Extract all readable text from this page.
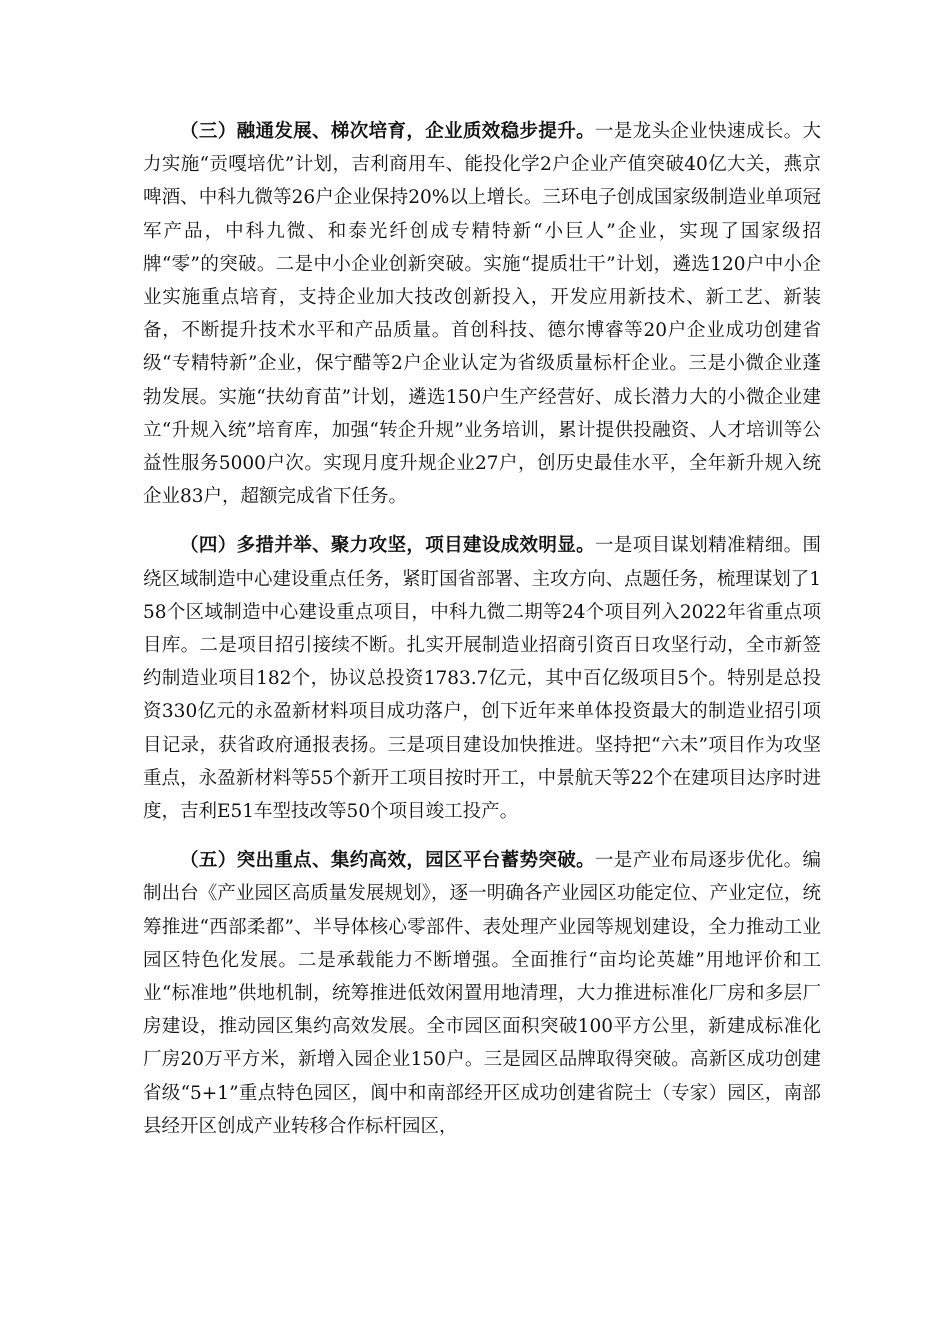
（三）融通发展、梯次培育，企业质效稳步提升。一是龙头企业快速成长。大力实施“贡嘎培优”计划，吉利商用车、能投化学2户企业产值突破40亿大关，燕京啤酒、中科九微等26户企业保持20%以上增长。三环电子创成国家级制造业单项冠军产品，中科九微、和泰光纤创成专精特新“小巨人”企业，实现了国家级招牌“零”的突破。二是中小企业创新突破。实施“提质壮干”计划，遴选120户中小企业实施重点培育，支持企业加大技改创新投入，开发应用新技术、新工艺、新装备，不断提升技术水平和产品质量。首创科技、德尔博睿等20户企业成功创建省级“专精特新”企业，保宁醋等2户企业认定为省级质量标杆企业。三是小微企业蓬勃发展。实施“扶幼育苗”计划，遴选150户生产经营好、成长潜力大的小微企业建立“升规入统”培育库，加强“转企升规”业务培训，累计提供投融资、人才培训等公益性服务5000户次。实现月度升规企业27户，创历史最佳水平，全年新升规入统企业83户，超额完成省下任务。

（四）多措并举、聚力攻坚，项目建设成效明显。一是项目谋划精准精细。围绕区域制造中心建设重点任务，紧盯国省部署、主攻方向、点题任务，梳理谋划了158个区域制造中心建设重点项目，中科九微二期等24个项目列入2022年省重点项目库。二是项目招引接续不断。扎实开展制造业招商引资百日攻坚行动，全市新签约制造业项目182个，协议总投资1783.7亿元，其中百亿级项目5个。特别是总投资330亿元的永盈新材料项目成功落户，创下近年来单体投资最大的制造业招引项目记录，获省政府通报表扬。三是项目建设加快推进。坚持把“六未”项目作为攻坚重点，永盈新材料等55个新开工项目按时开工，中景航天等22个在建项目达序时进度，吉利E51车型技改等50个项目竣工投产。

（五）突出重点、集约高效，园区平台蓄势突破。一是产业布局逐步优化。编制出台《产业园区高质量发展规划》，逐一明确各产业园区功能定位、产业定位，统筹推进“西部柔都”、半导体核心零部件、表处理产业园等规划建设，全力推动工业园区特色化发展。二是承载能力不断增强。全面推行“亩均论英雄”用地评价和工业“标准地”供地机制，统筹推进低效闲置用地清理，大力推进标准化厂房和多层厂房建设，推动园区集约高效发展。全市园区面积突破100平方公里，新建成标准化厂房20万平方米，新增入园企业150户。三是园区品牌取得突破。高新区成功创建省级“5+1”重点特色园区，阆中和南部经开区成功创建省院士（专家）园区，南部县经开区创成产业转移合作标杆园区，
